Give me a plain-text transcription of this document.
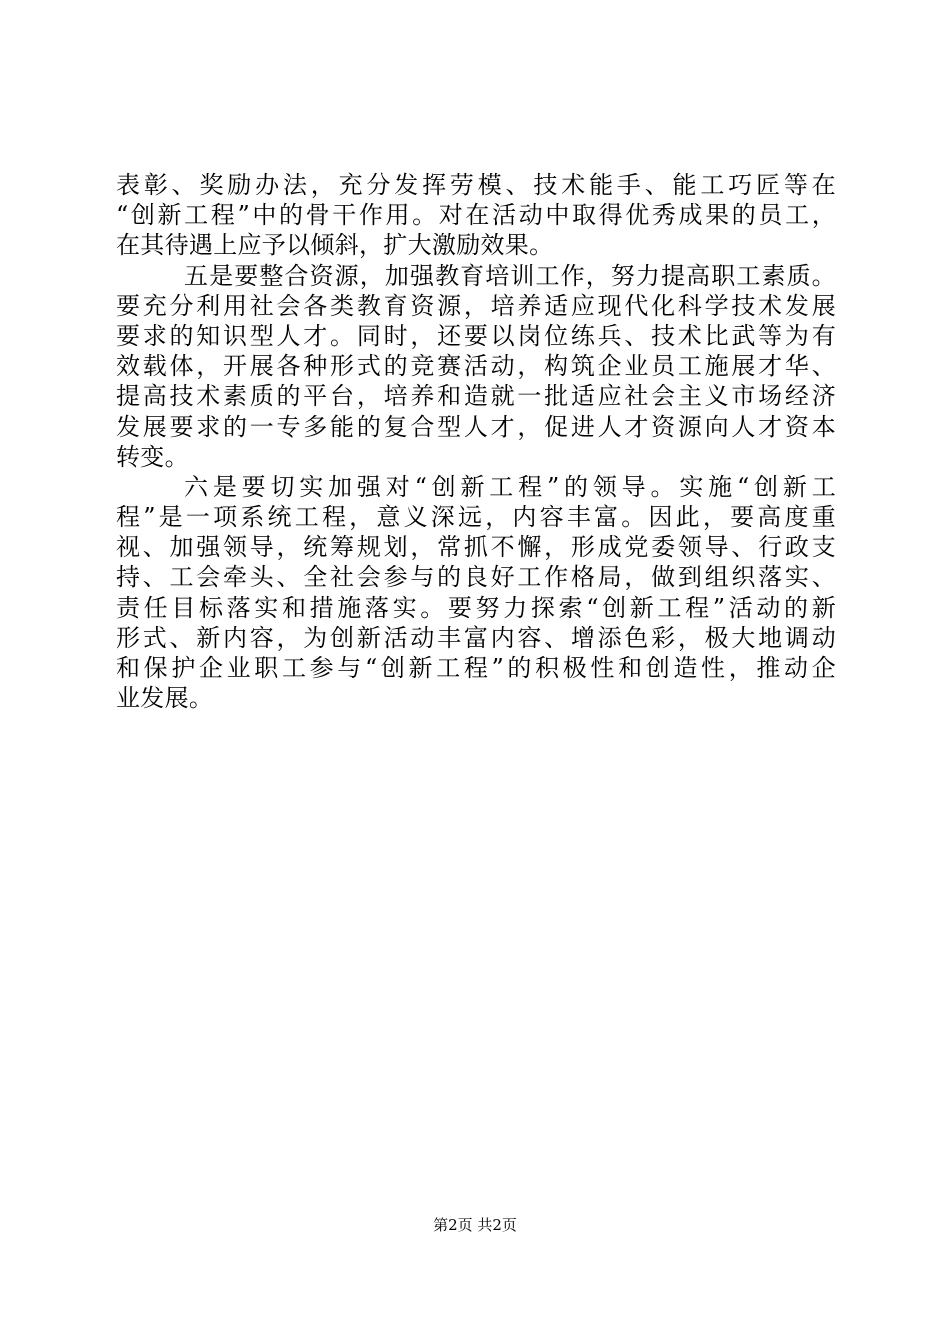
表彰、奖励办法，充分发挥劳模、技术能手、能工巧匠等在
“创新工程”中的骨干作用。对在活动中取得优秀成果的员工，
在其待遇上应予以倾斜，扩大激励效果。
五是要整合资源，加强教育培训工作，努力提高职工素质。
要充分利用社会各类教育资源，培养适应现代化科学技术发展
要求的知识型人才。同时，还要以岗位练兵、技术比武等为有
效载体，开展各种形式的竞赛活动，构筑企业员工施展才华、
提高技术素质的平台，培养和造就一批适应社会主义市场经济
发展要求的一专多能的复合型人才，促进人才资源向人才资本
转变。
六是要切实加强对“创新工程”的领导。实施“创新工
程”是一项系统工程，意义深远，内容丰富。因此，要高度重
视、加强领导，统筹规划，常抓不懈，形成党委领导、行政支
持、工会牵头、全社会参与的良好工作格局，做到组织落实、
责任目标落实和措施落实。要努力探索“创新工程”活动的新
形式、新内容，为创新活动丰富内容、增添色彩，极大地调动
和保护企业职工参与“创新工程”的积极性和创造性，推动企
业发展。
第2页 共2页
